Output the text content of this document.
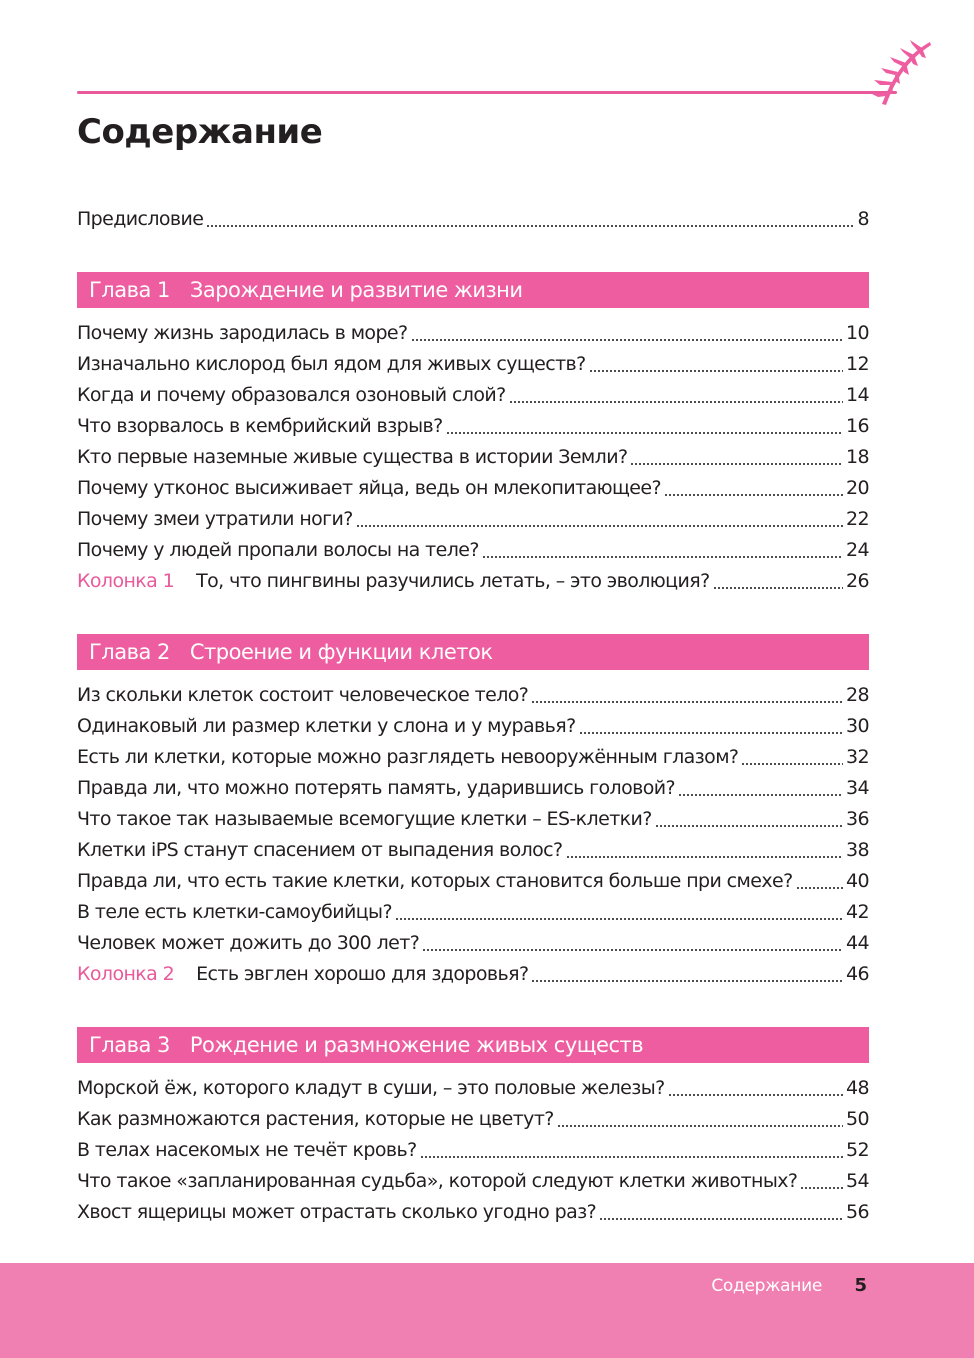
Содержание
Предисловие	8
Глава 1 Зарождение и развитие жизни
Почему жизнь зародилась в море?	10
Изначально кислород был ядом для живых существ?	12
Когда и почему образовался озоновый слой?	14
Что взорвалось в кембрийский взрыв?	16
Кто первые наземные живые существа в истории Земли?	18
Почему утконос высиживает яйца, ведь он млекопитающее?	20
Почему змеи утратили ноги?	22
Почему у людей пропали волосы на теле?	24
Колонка 1 То, что пингвины разучились летать, – это эволюция?	26
Глава 2 Строение и функции клеток
Из скольки клеток состоит человеческое тело?	28
Одинаковый ли размер клетки у слона и у муравья?	30
Есть ли клетки, которые можно разглядеть невооружённым глазом?	32
Правда ли, что можно потерять память, ударившись головой?	34
Что такое так называемые всемогущие клетки – ES-клетки?	36
Клетки iPS станут спасением от выпадения волос?	38
Правда ли, что есть такие клетки, которых становится больше при смехе?	40
В теле есть клетки-самоубийцы?	42
Человек может дожить до 300 лет?	44
Колонка 2 Есть эвглен хорошо для здоровья?	46
Глава 3 Рождение и размножение живых существ
Морской ёж, которого кладут в суши, – это половые железы?	48
Как размножаются растения, которые не цветут?	50
В телах насекомых не течёт кровь?	52
Что такое «запланированная судьба», которой следуют клетки животных?	54
Хвост ящерицы может отрастать сколько угодно раз?	56
Содержание 5
